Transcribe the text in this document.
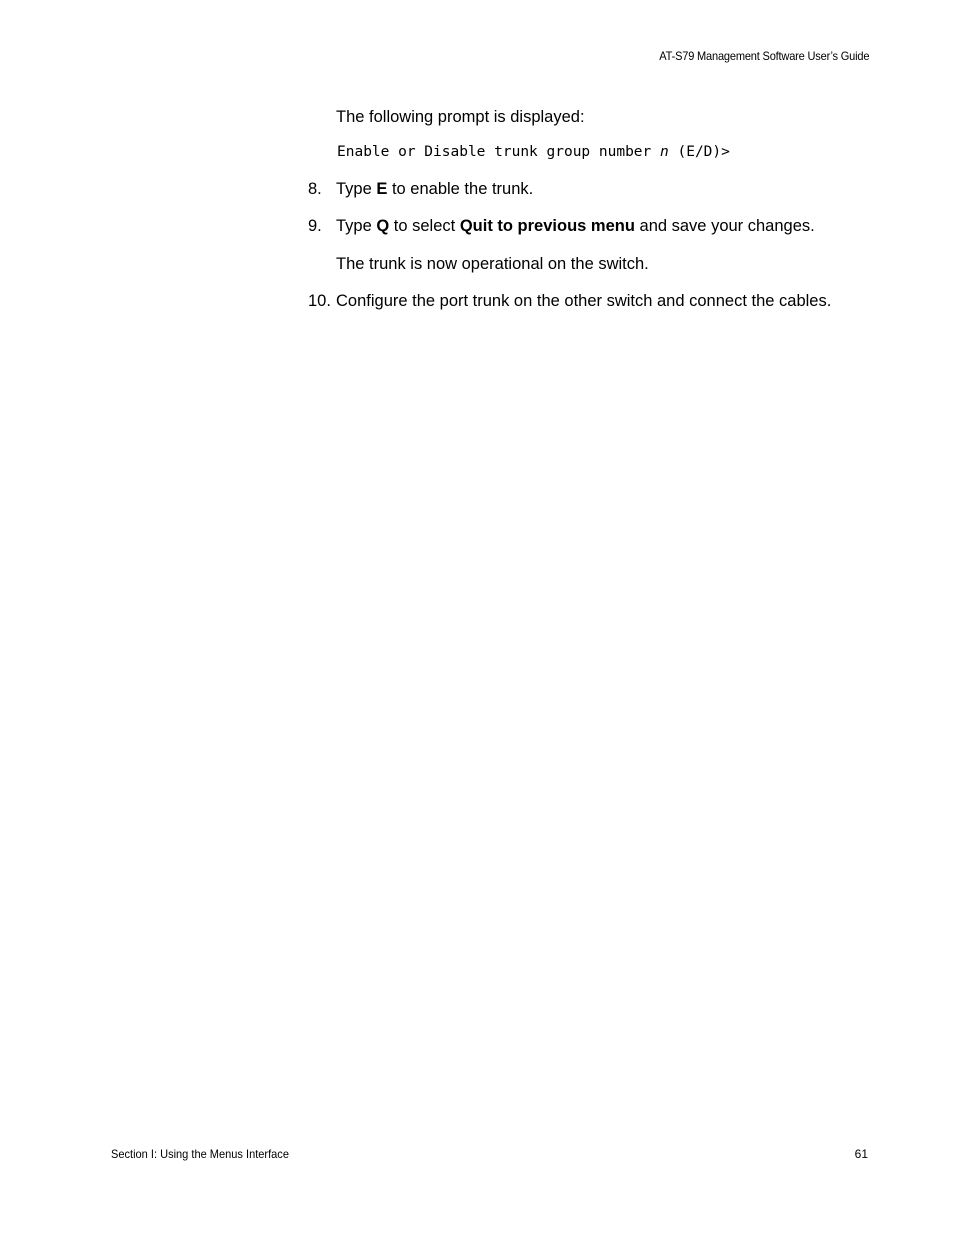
AT-S79 Management Software User’s Guide
The following prompt is displayed:
Enable or Disable trunk group number n (E/D)>
8. Type E to enable the trunk.
9. Type Q to select Quit to previous menu and save your changes.
The trunk is now operational on the switch.
10. Configure the port trunk on the other switch and connect the cables.
Section I: Using the Menus Interface	61
